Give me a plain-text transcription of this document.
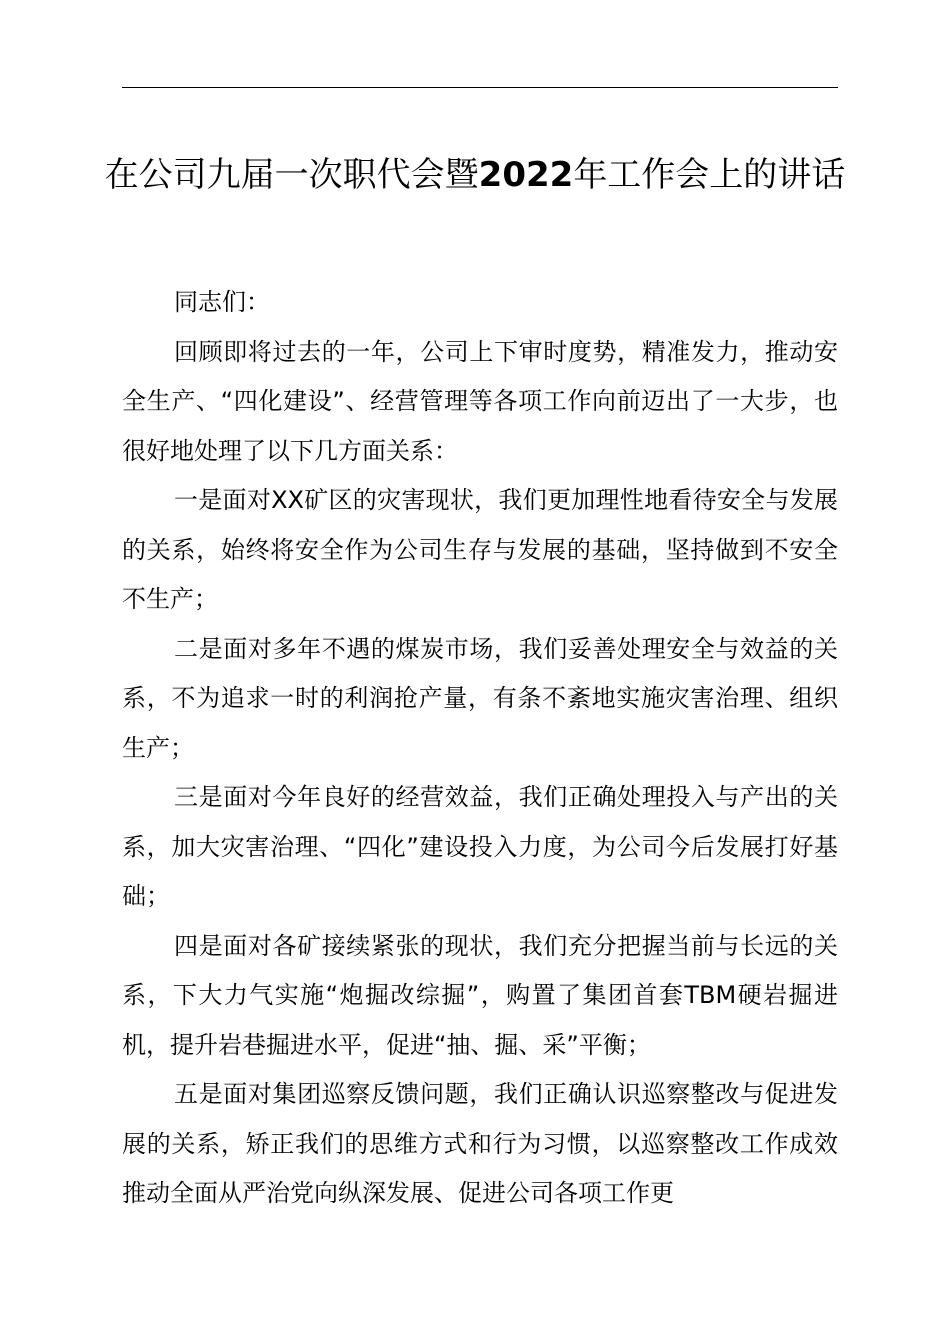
在公司九届一次职代会暨2022年工作会上的讲话

同志们：

回顾即将过去的一年，公司上下审时度势，精准发力，推动安全生产、“四化建设”、经营管理等各项工作向前迈出了一大步，也很好地处理了以下几方面关系：

一是面对XX矿区的灾害现状，我们更加理性地看待安全与发展的关系，始终将安全作为公司生存与发展的基础，坚持做到不安全不生产；

二是面对多年不遇的煤炭市场，我们妥善处理安全与效益的关系，不为追求一时的利润抢产量，有条不紊地实施灾害治理、组织生产；

三是面对今年良好的经营效益，我们正确处理投入与产出的关系，加大灾害治理、“四化”建设投入力度，为公司今后发展打好基础；

四是面对各矿接续紧张的现状，我们充分把握当前与长远的关系，下大力气实施“炮掘改综掘”，购置了集团首套TBM硬岩掘进机，提升岩巷掘进水平，促进“抽、掘、采”平衡；

五是面对集团巡察反馈问题，我们正确认识巡察整改与促进发展的关系，矫正我们的思维方式和行为习惯，以巡察整改工作成效推动全面从严治党向纵深发展、促进公司各项工作更
